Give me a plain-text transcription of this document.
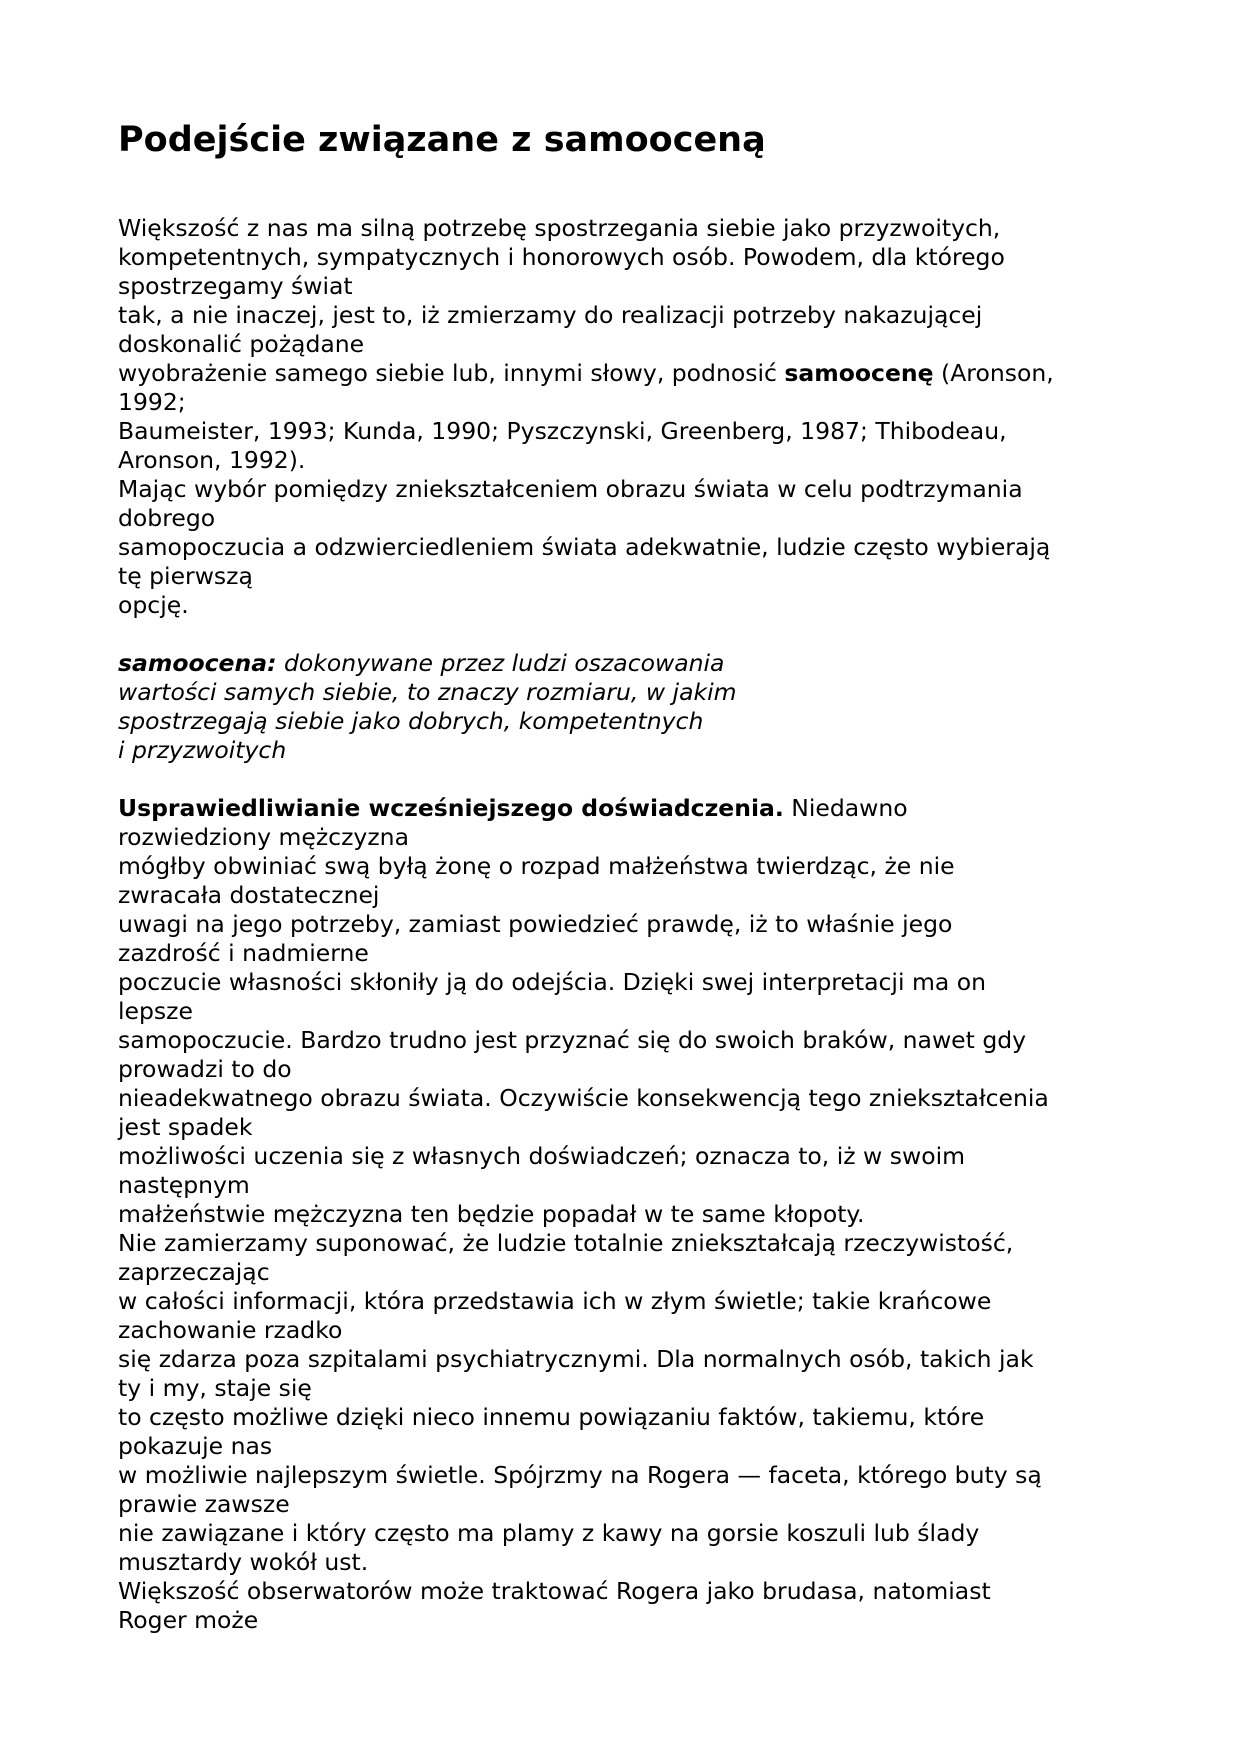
Podejście związane z samooceną
Większość z nas ma silną potrzebę spostrzegania siebie jako przyzwoitych,
kompetentnych, sympatycznych i honorowych osób. Powodem, dla którego
spostrzegamy świat
tak, a nie inaczej, jest to, iż zmierzamy do realizacji potrzeby nakazującej
doskonalić pożądane
wyobrażenie samego siebie lub, innymi słowy, podnosić samoocenę (Aronson,
1992;
Baumeister, 1993; Kunda, 1990; Pyszczynski, Greenberg, 1987; Thibodeau,
Aronson, 1992).
Mając wybór pomiędzy zniekształceniem obrazu świata w celu podtrzymania
dobrego
samopoczucia a odzwierciedleniem świata adekwatnie, ludzie często wybierają
tę pierwszą
opcję.
samoocena: dokonywane przez ludzi oszacowania
wartości samych siebie, to znaczy rozmiaru, w jakim
spostrzegają siebie jako dobrych, kompetentnych
i przyzwoitych
Usprawiedliwianie wcześniejszego doświadczenia. Niedawno
rozwiedziony mężczyzna
mógłby obwiniać swą byłą żonę o rozpad małżeństwa twierdząc, że nie
zwracała dostatecznej
uwagi na jego potrzeby, zamiast powiedzieć prawdę, iż to właśnie jego
zazdrość i nadmierne
poczucie własności skłoniły ją do odejścia. Dzięki swej interpretacji ma on
lepsze
samopoczucie. Bardzo trudno jest przyznać się do swoich braków, nawet gdy
prowadzi to do
nieadekwatnego obrazu świata. Oczywiście konsekwencją tego zniekształcenia
jest spadek
możliwości uczenia się z własnych doświadczeń; oznacza to, iż w swoim
następnym
małżeństwie mężczyzna ten będzie popadał w te same kłopoty.
Nie zamierzamy suponować, że ludzie totalnie zniekształcają rzeczywistość,
zaprzeczając
w całości informacji, która przedstawia ich w złym świetle; takie krańcowe
zachowanie rzadko
się zdarza poza szpitalami psychiatrycznymi. Dla normalnych osób, takich jak
ty i my, staje się
to często możliwe dzięki nieco innemu powiązaniu faktów, takiemu, które
pokazuje nas
w możliwie najlepszym świetle. Spójrzmy na Rogera — faceta, którego buty są
prawie zawsze
nie zawiązane i który często ma plamy z kawy na gorsie koszuli lub ślady
musztardy wokół ust.
Większość obserwatorów może traktować Rogera jako brudasa, natomiast
Roger może
